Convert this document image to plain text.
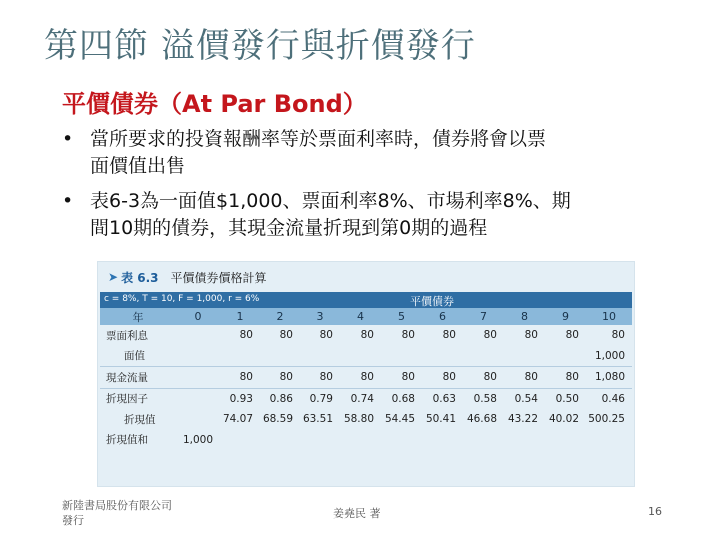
第四節 溢價發行與折價發行
平價債券（At Par Bond）
• 當所要求的投資報酬率等於票面利率時，債券將會以票
面價值出售
• 表6-3為一面值$1,000、票面利率8%、市場利率8%、期
間10期的債券，其現金流量折現到第0期的過程
➤ 表 6.3 平價債券價格計算
c = 8%, T = 10, F = 1,000, r = 6%	平價債券
年	0	1	2	3	4	5	6	7	8	9	10
票面利息		80	80	80	80	80	80	80	80	80	80
面值											1,000
現金流量		80	80	80	80	80	80	80	80	80	1,080
折現因子		0.93	0.86	0.79	0.74	0.68	0.63	0.58	0.54	0.50	0.46
折現值		74.07	68.59	63.51	58.80	54.45	50.41	46.68	43.22	40.02	500.25
折現值和	1,000										
新陸書局股份有限公司
發行
姜堯民 著	16
